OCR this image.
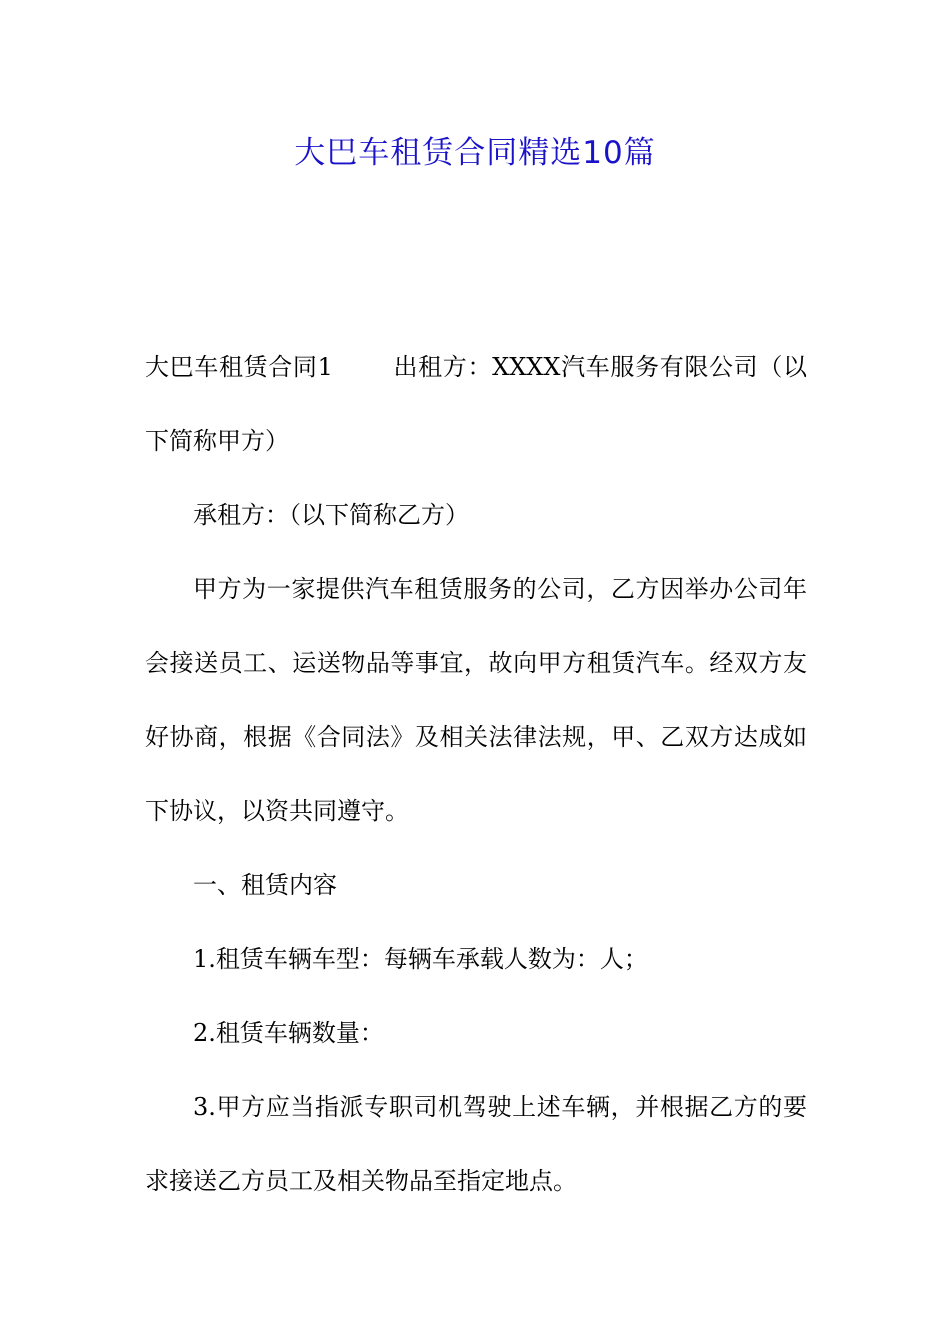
大巴车租赁合同精选10篇

大巴车租赁合同1	出租方：XXXX汽车服务有限公司（以下简称甲方）

承租方：（以下简称乙方）

甲方为一家提供汽车租赁服务的公司，乙方因举办公司年会接送员工、运送物品等事宜，故向甲方租赁汽车。经双方友好协商，根据《合同法》及相关法律法规，甲、乙双方达成如下协议，以资共同遵守。

一、租赁内容

1.租赁车辆车型：每辆车承载人数为：人；

2.租赁车辆数量：

3.甲方应当指派专职司机驾驶上述车辆，并根据乙方的要求接送乙方员工及相关物品至指定地点。
